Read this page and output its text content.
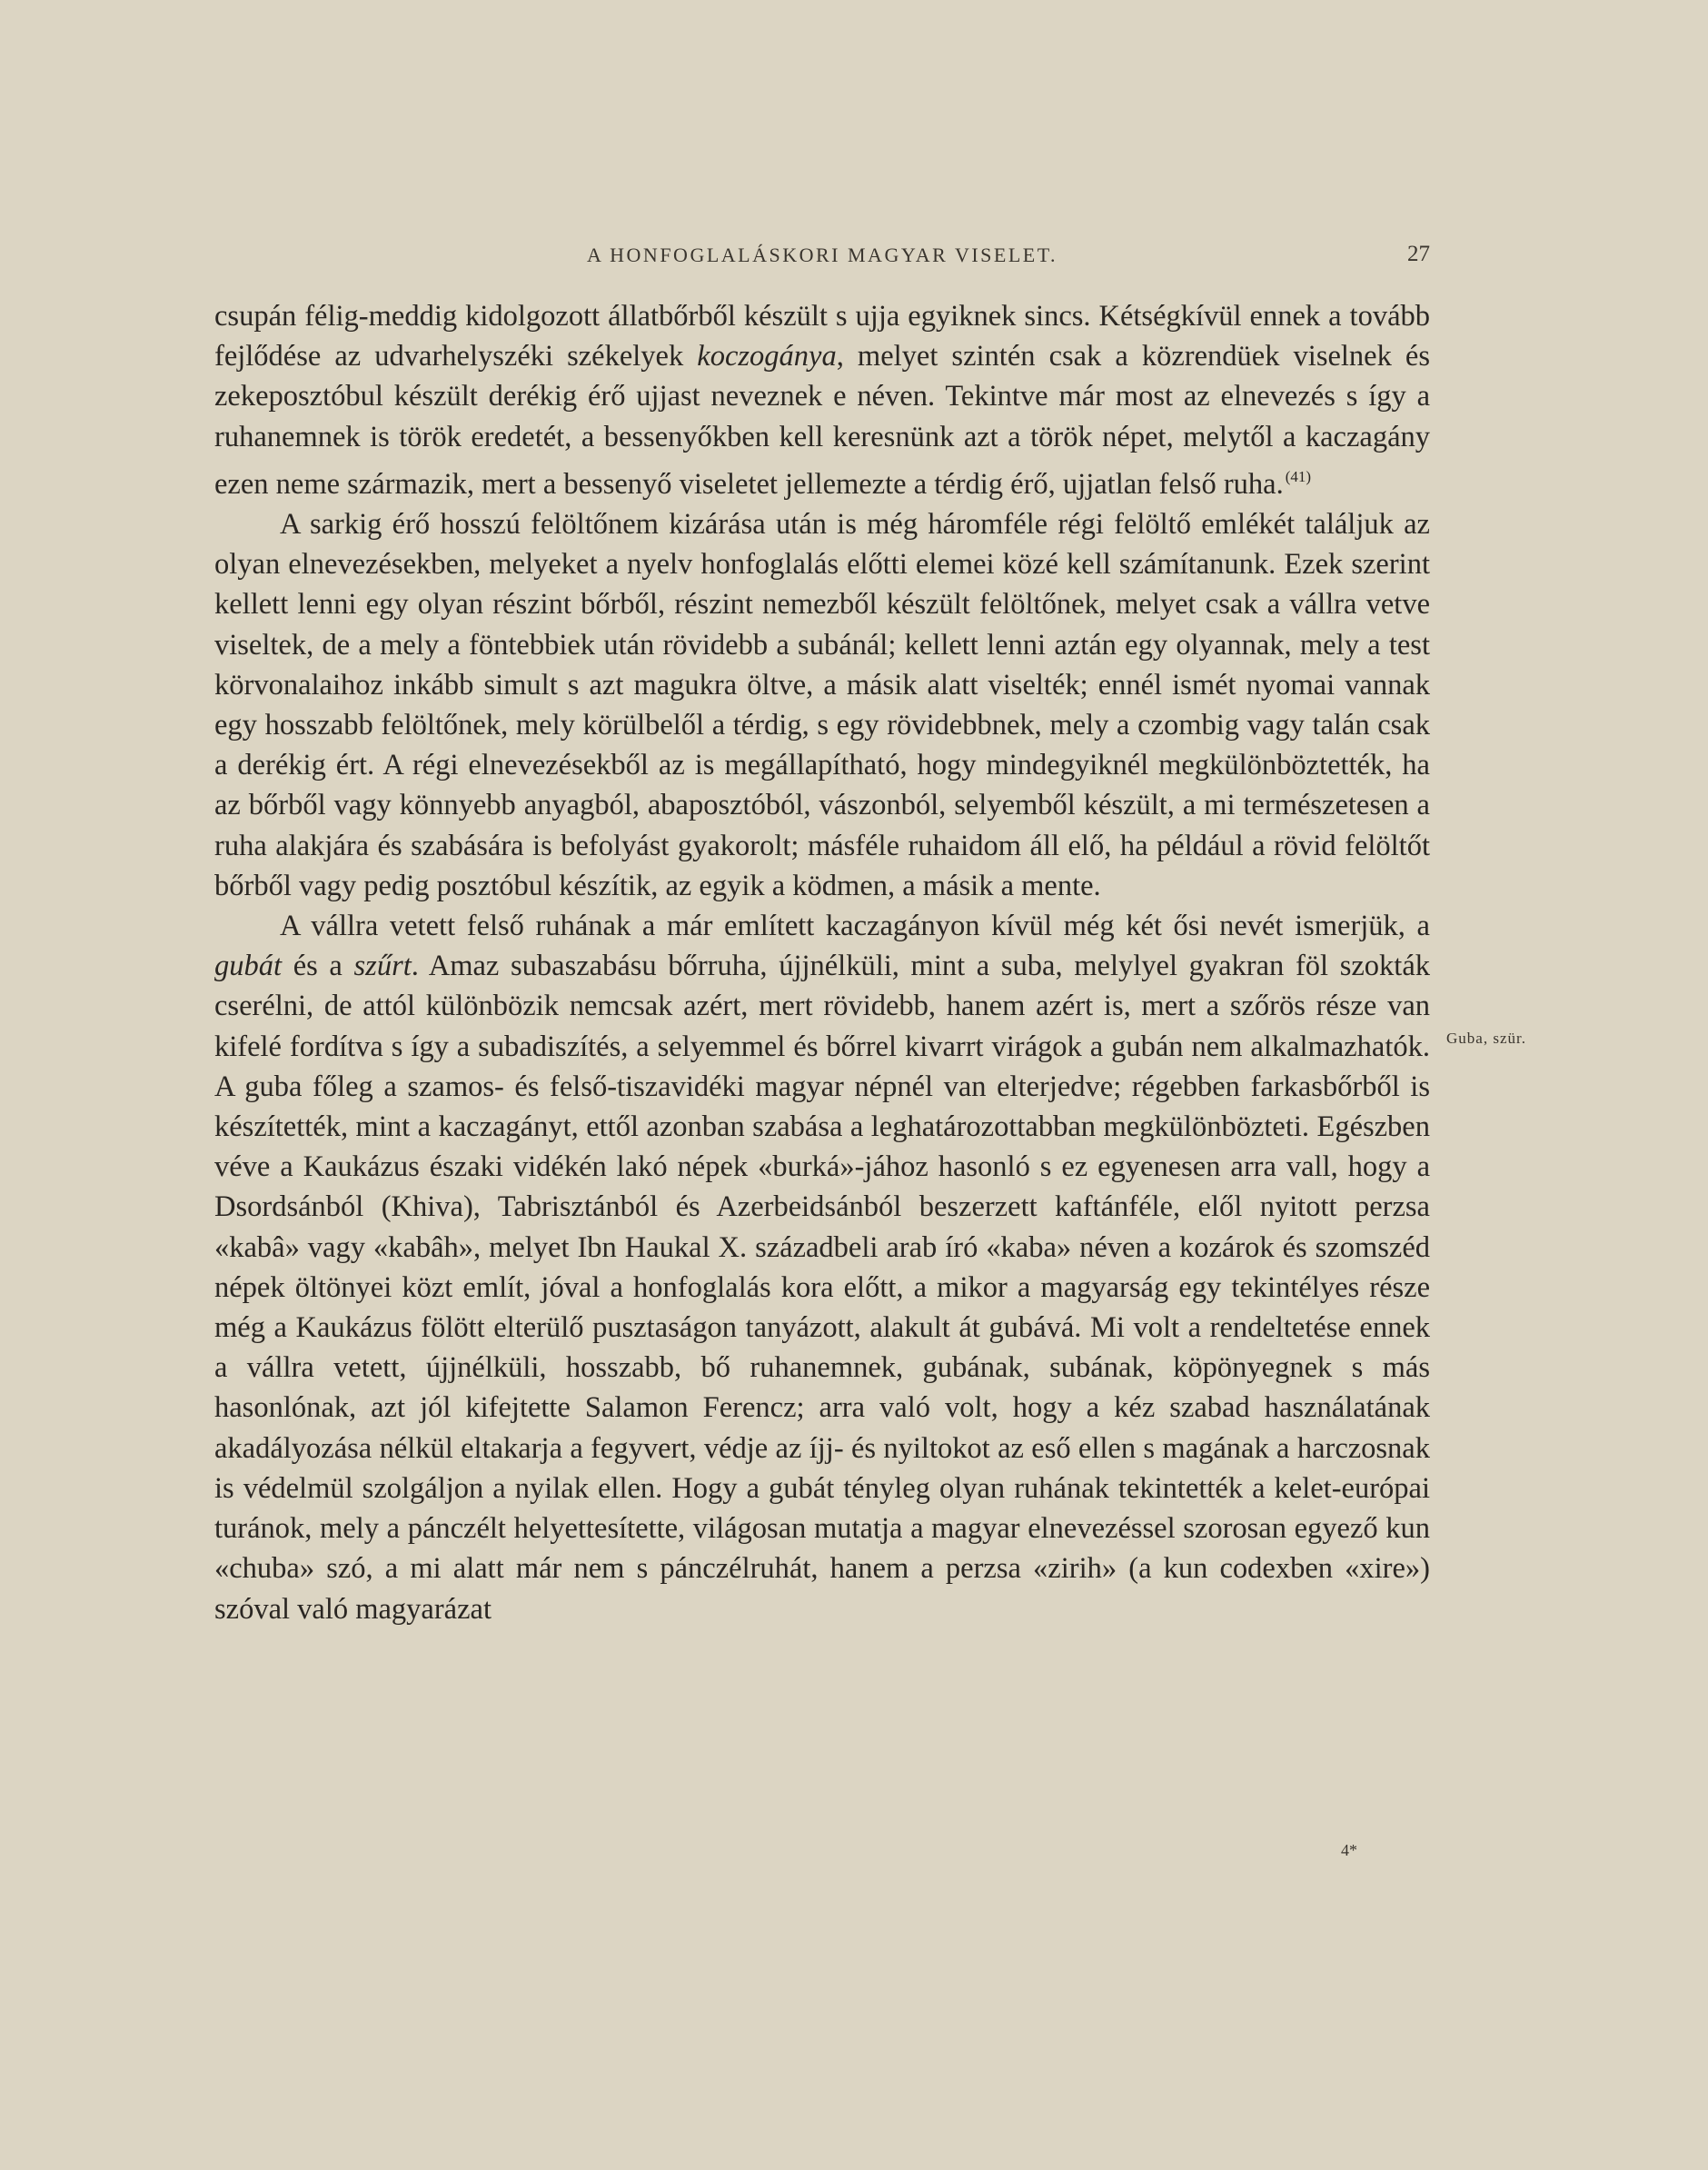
A HONFOGLALÁSKORI MAGYAR VISELET.	27

csupán félig-meddig kidolgozott állatbőrből készült s ujja egyiknek sincs. Kétségkívül ennek a tovább fejlődése az udvarhelyszéki székelyek koczogánya, melyet szintén csak a közrendüek viselnek és zekeposztóbul készült derékig érő ujjast neveznek e néven. Tekintve már most az elnevezés s így a ruhanemnek is török eredetét, a bessenyőkben kell keresnünk azt a török népet, melytől a kaczagány ezen neme származik, mert a bessenyő viseletet jellemezte a térdig érő, ujjatlan felső ruha. $^{(41)}$

A sarkig érő hosszú felöltőnem kizárása után is még háromféle régi felöltő emlékét találjuk az olyan elnevezésekben, melyeket a nyelv honfoglalás előtti elemei közé kell számítanunk. Ezek szerint kellett lenni egy olyan részint bőrből, részint nemezből készült felöltőnek, melyet csak a vállra vetve viseltek, de a mely a föntebbiek után rövidebb a subánál; kellett lenni aztán egy olyannak, mely a test körvonalaihoz inkább simult s azt magukra öltve, a másik alatt viselték; ennél ismét nyomai vannak egy hosszabb felöltőnek, mely körülbelől a térdig, s egy rövidebbnek, mely a czombig vagy talán csak a derékig ért. A régi elnevezésekből az is megállapítható, hogy mindegyiknél megkülönböztették, ha az bőrből vagy könnyebb anyagból, abaposztóból, vászonból, selyemből készült, a mi természetesen a ruha alakjára és szabására is befolyást gyakorolt; másféle ruhaidom áll elő, ha például a rövid felöltőt bőrből vagy pedig posztóbul készítik, az egyik a ködmen, a másik a mente.

A vállra vetett felső ruhának a már említett kaczagányon kívül még két ősi nevét ismerjük, a gubát és a szűrt. Amaz subaszabásu bőrruha, újjnélküli, mint a suba, melylyel gyakran föl szokták cserélni, de attól különbözik nemcsak azért, mert rövidebb, hanem azért is, mert a szőrös része van kifelé fordítva s így a subadiszítés, a selyemmel és bőrrel kivarrt virágok a gubán nem alkalmazhatók. A guba főleg a szamos- és felső-tiszavidéki magyar népnél van elterjedve; régebben farkasbőrből is készítették, mint a kaczagányt, ettől azonban szabása a leghatározottabban megkülönbözteti. Egészben véve a Kaukázus északi vidékén lakó népek «burká»-jához hasonló s ez egyenesen arra vall, hogy a Dsordsánból (Khiva), Tabrisztánból és Azerbeidsánból beszerzett kaftánféle, elől nyitott perzsa «kabâ» vagy «kabâh», melyet Ibn Haukal X. századbeli arab író «kaba» néven a kozárok és szomszéd népek öltönyei közt említ, jóval a honfoglalás kora előtt, a mikor a magyarság egy tekintélyes része még a Kaukázus fölött elterülő pusztaságon tanyázott, alakult át gubává. Mi volt a rendeltetése ennek a vállra vetett, újjnélküli, hosszabb, bő ruhanemnek, gubának, subának, köpönyegnek s más hasonlónak, azt jól kifejtette Salamon Ferencz; arra való volt, hogy a kéz szabad használatának akadályozása nélkül eltakarja a fegyvert, védje az íjj- és nyiltokot az eső ellen s magának a harczosnak is védelmül szolgáljon a nyilak ellen. Hogy a gubát tényleg olyan ruhának tekintették a kelet-európai turánok, mely a pánczélt helyettesítette, világosan mutatja a magyar elnevezéssel szorosan egyező kun «chuba» szó, a mi alatt már nem s pánczélruhát, hanem a perzsa «zirih» (a kun codexben «xire») szóval való magyarázat

Guba, szür.
4*
